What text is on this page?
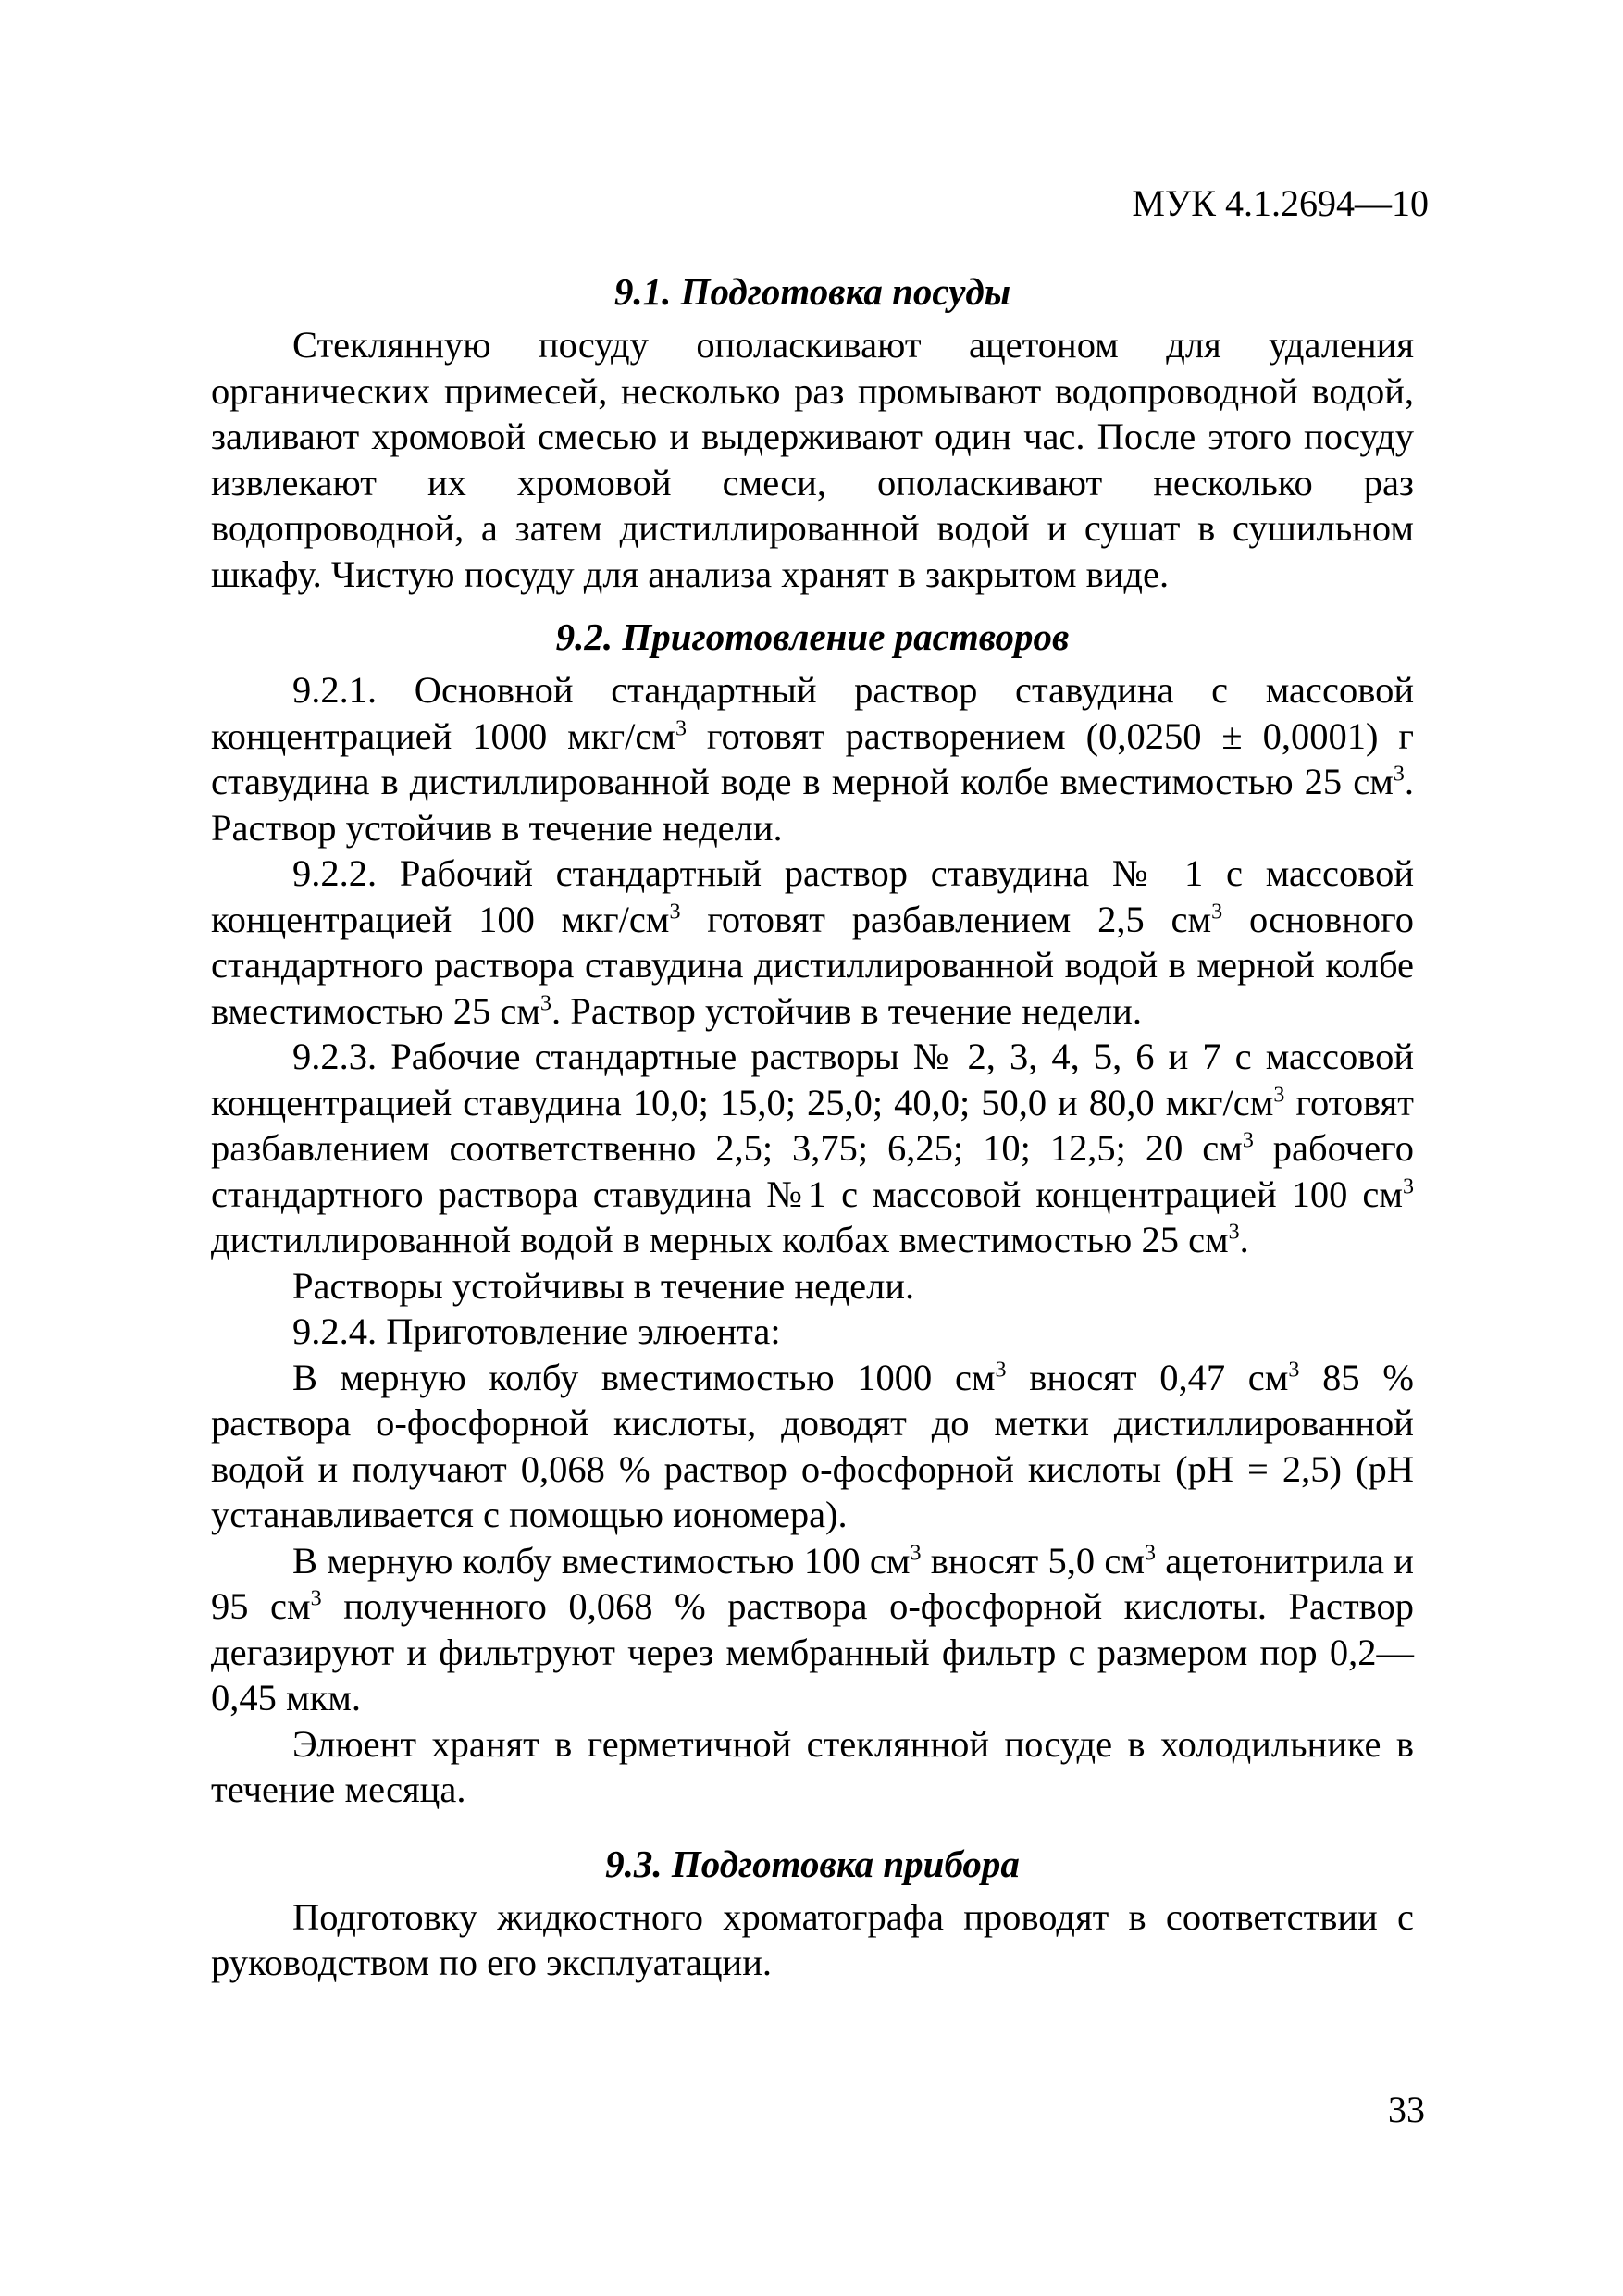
МУК 4.1.2694—10
9.1. Подготовка посуды

Стеклянную посуду ополаскивают ацетоном для удаления органических примесей, несколько раз промывают водопроводной водой, заливают хромовой смесью и выдерживают один час. После этого посуду извлекают их хромовой смеси, ополаскивают несколько раз водопроводной, а затем дистиллированной водой и сушат в сушильном шкафу. Чистую посуду для анализа хранят в закрытом виде.

9.2. Приготовление растворов

9.2.1. Основной стандартный раствор ставудина с массовой концентрацией 1000 мкг/$см^3$ готовят растворением (0,0250 ± 0,0001) г ставудина в дистиллированной воде в мерной колбе вместимостью 25 $см^3$. Раствор устойчив в течение недели.

9.2.2. Рабочий стандартный раствор ставудина № 1 с массовой концентрацией 100 мкг/$см^3$ готовят разбавлением 2,5 $см^3$ основного стандартного раствора ставудина дистиллированной водой в мерной колбе вместимостью 25 $см^3$. Раствор устойчив в течение недели.

9.2.3. Рабочие стандартные растворы № 2, 3, 4, 5, 6 и 7 с массовой концентрацией ставудина 10,0; 15,0; 25,0; 40,0; 50,0 и 80,0 мкг/$см^3$ готовят разбавлением соответственно 2,5; 3,75; 6,25; 10; 12,5; 20 $см^3$ рабочего стандартного раствора ставудина №1 с массовой концентрацией 100 $см^3$ дистиллированной водой в мерных колбах вместимостью 25 $см^3$.

Растворы устойчивы в течение недели.

9.2.4. Приготовление элюента:

В мерную колбу вместимостью 1000 $см^3$ вносят 0,47 $см^3$ 85 % раствора о-фосфорной кислоты, доводят до метки дистиллированной водой и получают 0,068 % раствор о-фосфорной кислоты (рН = 2,5) (рН устанавливается с помощью иономера).

В мерную колбу вместимостью 100 $см^3$ вносят 5,0 $см^3$ ацетонитрила и 95 $см^3$ полученного 0,068 % раствора о-фосфорной кислоты. Раствор дегазируют и фильтруют через мембранный фильтр с размером пор 0,2—0,45 мкм.

Элюент хранят в герметичной стеклянной посуде в холодильнике в течение месяца.

9.3. Подготовка прибора

Подготовку жидкостного хроматографа проводят в соответствии с руководством по его эксплуатации.

33
